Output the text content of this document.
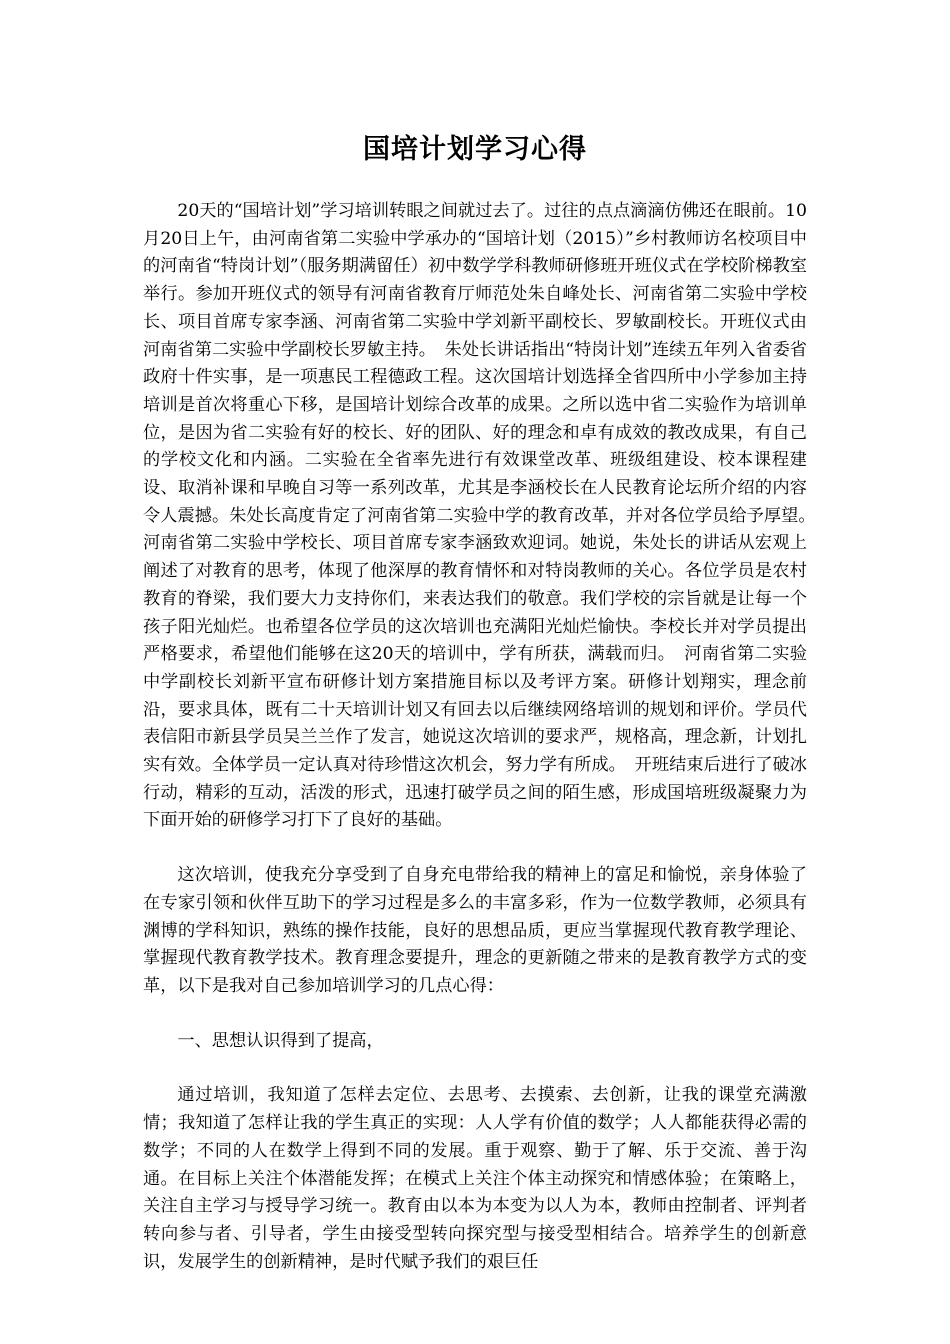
国培计划学习心得

20天的“国培计划”学习培训转眼之间就过去了。过往的点点滴滴仿佛还在眼前。10月20日上午，由河南省第二实验中学承办的“国培计划（2015）”乡村教师访名校项目中的河南省“特岗计划”（服务期满留任）初中数学学科教师研修班开班仪式在学校阶梯教室举行。参加开班仪式的领导有河南省教育厅师范处朱自峰处长、河南省第二实验中学校长、项目首席专家李涵、河南省第二实验中学刘新平副校长、罗敏副校长。开班仪式由河南省第二实验中学副校长罗敏主持。　朱处长讲话指出“特岗计划”连续五年列入省委省政府十件实事，是一项惠民工程德政工程。这次国培计划选择全省四所中小学参加主持培训是首次将重心下移，是国培计划综合改革的成果。之所以选中省二实验作为培训单位，是因为省二实验有好的校长、好的团队、好的理念和卓有成效的教改成果，有自己的学校文化和内涵。二实验在全省率先进行有效课堂改革、班级组建设、校本课程建设、取消补课和早晚自习等一系列改革，尤其是李涵校长在人民教育论坛所介绍的内容令人震撼。朱处长高度肯定了河南省第二实验中学的教育改革，并对各位学员给予厚望。　河南省第二实验中学校长、项目首席专家李涵致欢迎词。她说，朱处长的讲话从宏观上阐述了对教育的思考，体现了他深厚的教育情怀和对特岗教师的关心。各位学员是农村教育的脊梁，我们要大力支持你们，来表达我们的敬意。我们学校的宗旨就是让每一个孩子阳光灿烂。也希望各位学员的这次培训也充满阳光灿烂愉快。李校长并对学员提出严格要求，希望他们能够在这20天的培训中，学有所获，满载而归。　河南省第二实验中学副校长刘新平宣布研修计划方案措施目标以及考评方案。研修计划翔实，理念前沿，要求具体，既有二十天培训计划又有回去以后继续网络培训的规划和评价。学员代表信阳市新县学员吴兰兰作了发言，她说这次培训的要求严，规格高，理念新，计划扎实有效。全体学员一定认真对待珍惜这次机会，努力学有所成。　开班结束后进行了破冰行动，精彩的互动，活泼的形式，迅速打破学员之间的陌生感，形成国培班级凝聚力为下面开始的研修学习打下了良好的基础。

这次培训，使我充分享受到了自身充电带给我的精神上的富足和愉悦，亲身体验了在专家引领和伙伴互助下的学习过程是多么的丰富多彩，作为一位数学教师，必须具有渊博的学科知识，熟练的操作技能，良好的思想品质，更应当掌握现代教育教学理论、掌握现代教育教学技术。教育理念要提升，理念的更新随之带来的是教育教学方式的变革，以下是我对自己参加培训学习的几点心得：

一、思想认识得到了提高，

通过培训，我知道了怎样去定位、去思考、去摸索、去创新，让我的课堂充满激情；我知道了怎样让我的学生真正的实现：人人学有价值的数学；人人都能获得必需的数学；不同的人在数学上得到不同的发展。重于观察、勤于了解、乐于交流、善于沟通。在目标上关注个体潜能发挥；在模式上关注个体主动探究和情感体验；在策略上，关注自主学习与授导学习统一。教育由以本为本变为以人为本，教师由控制者、评判者转向参与者、引导者，学生由接受型转向探究型与接受型相结合。培养学生的创新意识，发展学生的创新精神，是时代赋予我们的艰巨任
